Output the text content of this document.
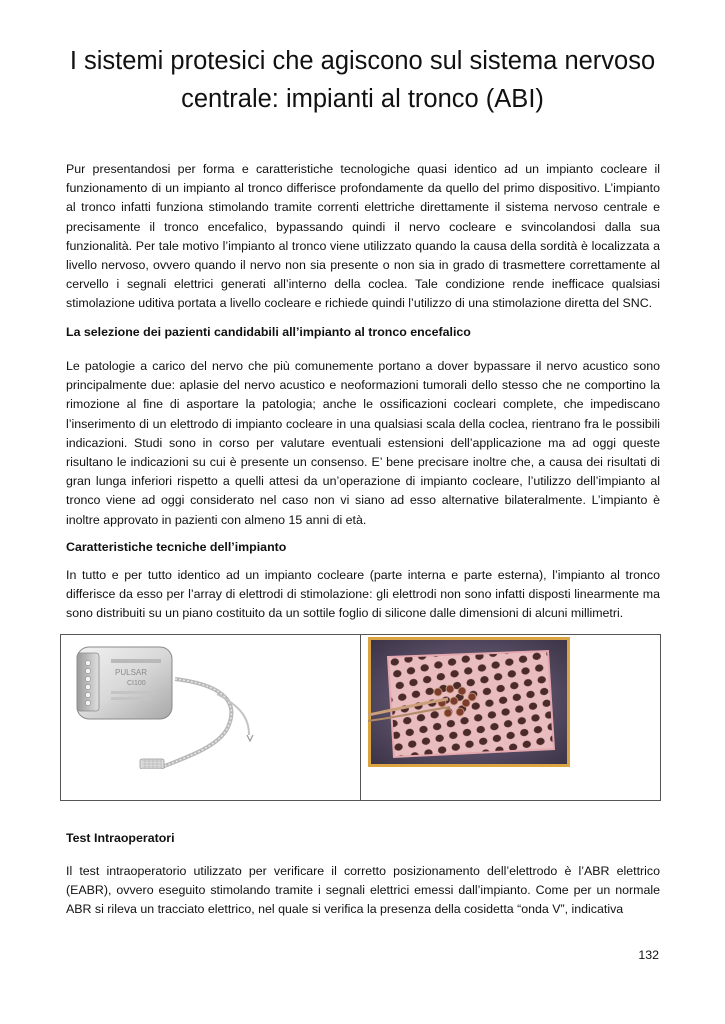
I sistemi protesici che agiscono sul sistema nervoso
centrale: impianti al tronco (ABI)

Pur presentandosi per forma e caratteristiche tecnologiche quasi identico ad un impianto cocleare il funzionamento di un impianto al tronco differisce profondamente da quello del primo dispositivo. L’impianto al tronco infatti funziona stimolando tramite correnti elettriche direttamente il sistema nervoso centrale e precisamente il tronco encefalico, bypassando quindi il nervo cocleare e svincolandosi dalla sua funzionalità. Per tale motivo l’impianto al tronco viene utilizzato quando la causa della sordità è localizzata a livello nervoso, ovvero quando il nervo non sia presente o non sia in grado di trasmettere correttamente al cervello i segnali elettrici generati all’interno della coclea. Tale condizione rende inefficace qualsiasi stimolazione uditiva portata a livello cocleare e richiede quindi l’utilizzo di una stimolazione diretta del SNC.

La selezione dei pazienti candidabili all’impianto al tronco encefalico

Le patologie a carico del nervo che più comunemente portano a dover bypassare il nervo acustico sono principalmente due: aplasie del nervo acustico e neoformazioni tumorali dello stesso che ne comportino la rimozione al fine di asportare la patologia; anche le ossificazioni cocleari complete, che impediscano l’inserimento di un elettrodo di impianto cocleare in una qualsiasi scala della coclea, rientrano fra le possibili indicazioni. Studi sono in corso per valutare eventuali estensioni dell’applicazione ma ad oggi queste risultano le indicazioni su cui è presente un consenso. E’ bene precisare inoltre che, a causa dei risultati di gran lunga inferiori rispetto a quelli attesi da un’operazione di impianto cocleare, l’utilizzo dell’impianto al tronco viene ad oggi considerato nel caso non vi siano ad esso alternative bilateralmente. L’impianto è inoltre approvato in pazienti con almeno 15 anni di età.

Caratteristiche tecniche dell’impianto

In tutto e per tutto identico ad un impianto cocleare (parte interna e parte esterna), l’impianto al tronco differisce da esso per l’array di elettrodi di stimolazione: gli elettrodi non sono infatti disposti linearmente ma sono distribuiti su un piano costituito da un sottile foglio di silicone dalle dimensioni di alcuni millimetri.

PULSAR
CI100

Test Intraoperatori

Il test intraoperatorio utilizzato per verificare il corretto posizionamento dell’elettrodo è l’ABR elettrico (EABR), ovvero eseguito stimolando tramite i segnali elettrici emessi dall’impianto. Come per un normale ABR si rileva un tracciato elettrico, nel quale si verifica la presenza della cosidetta “onda V”, indicativa

132
